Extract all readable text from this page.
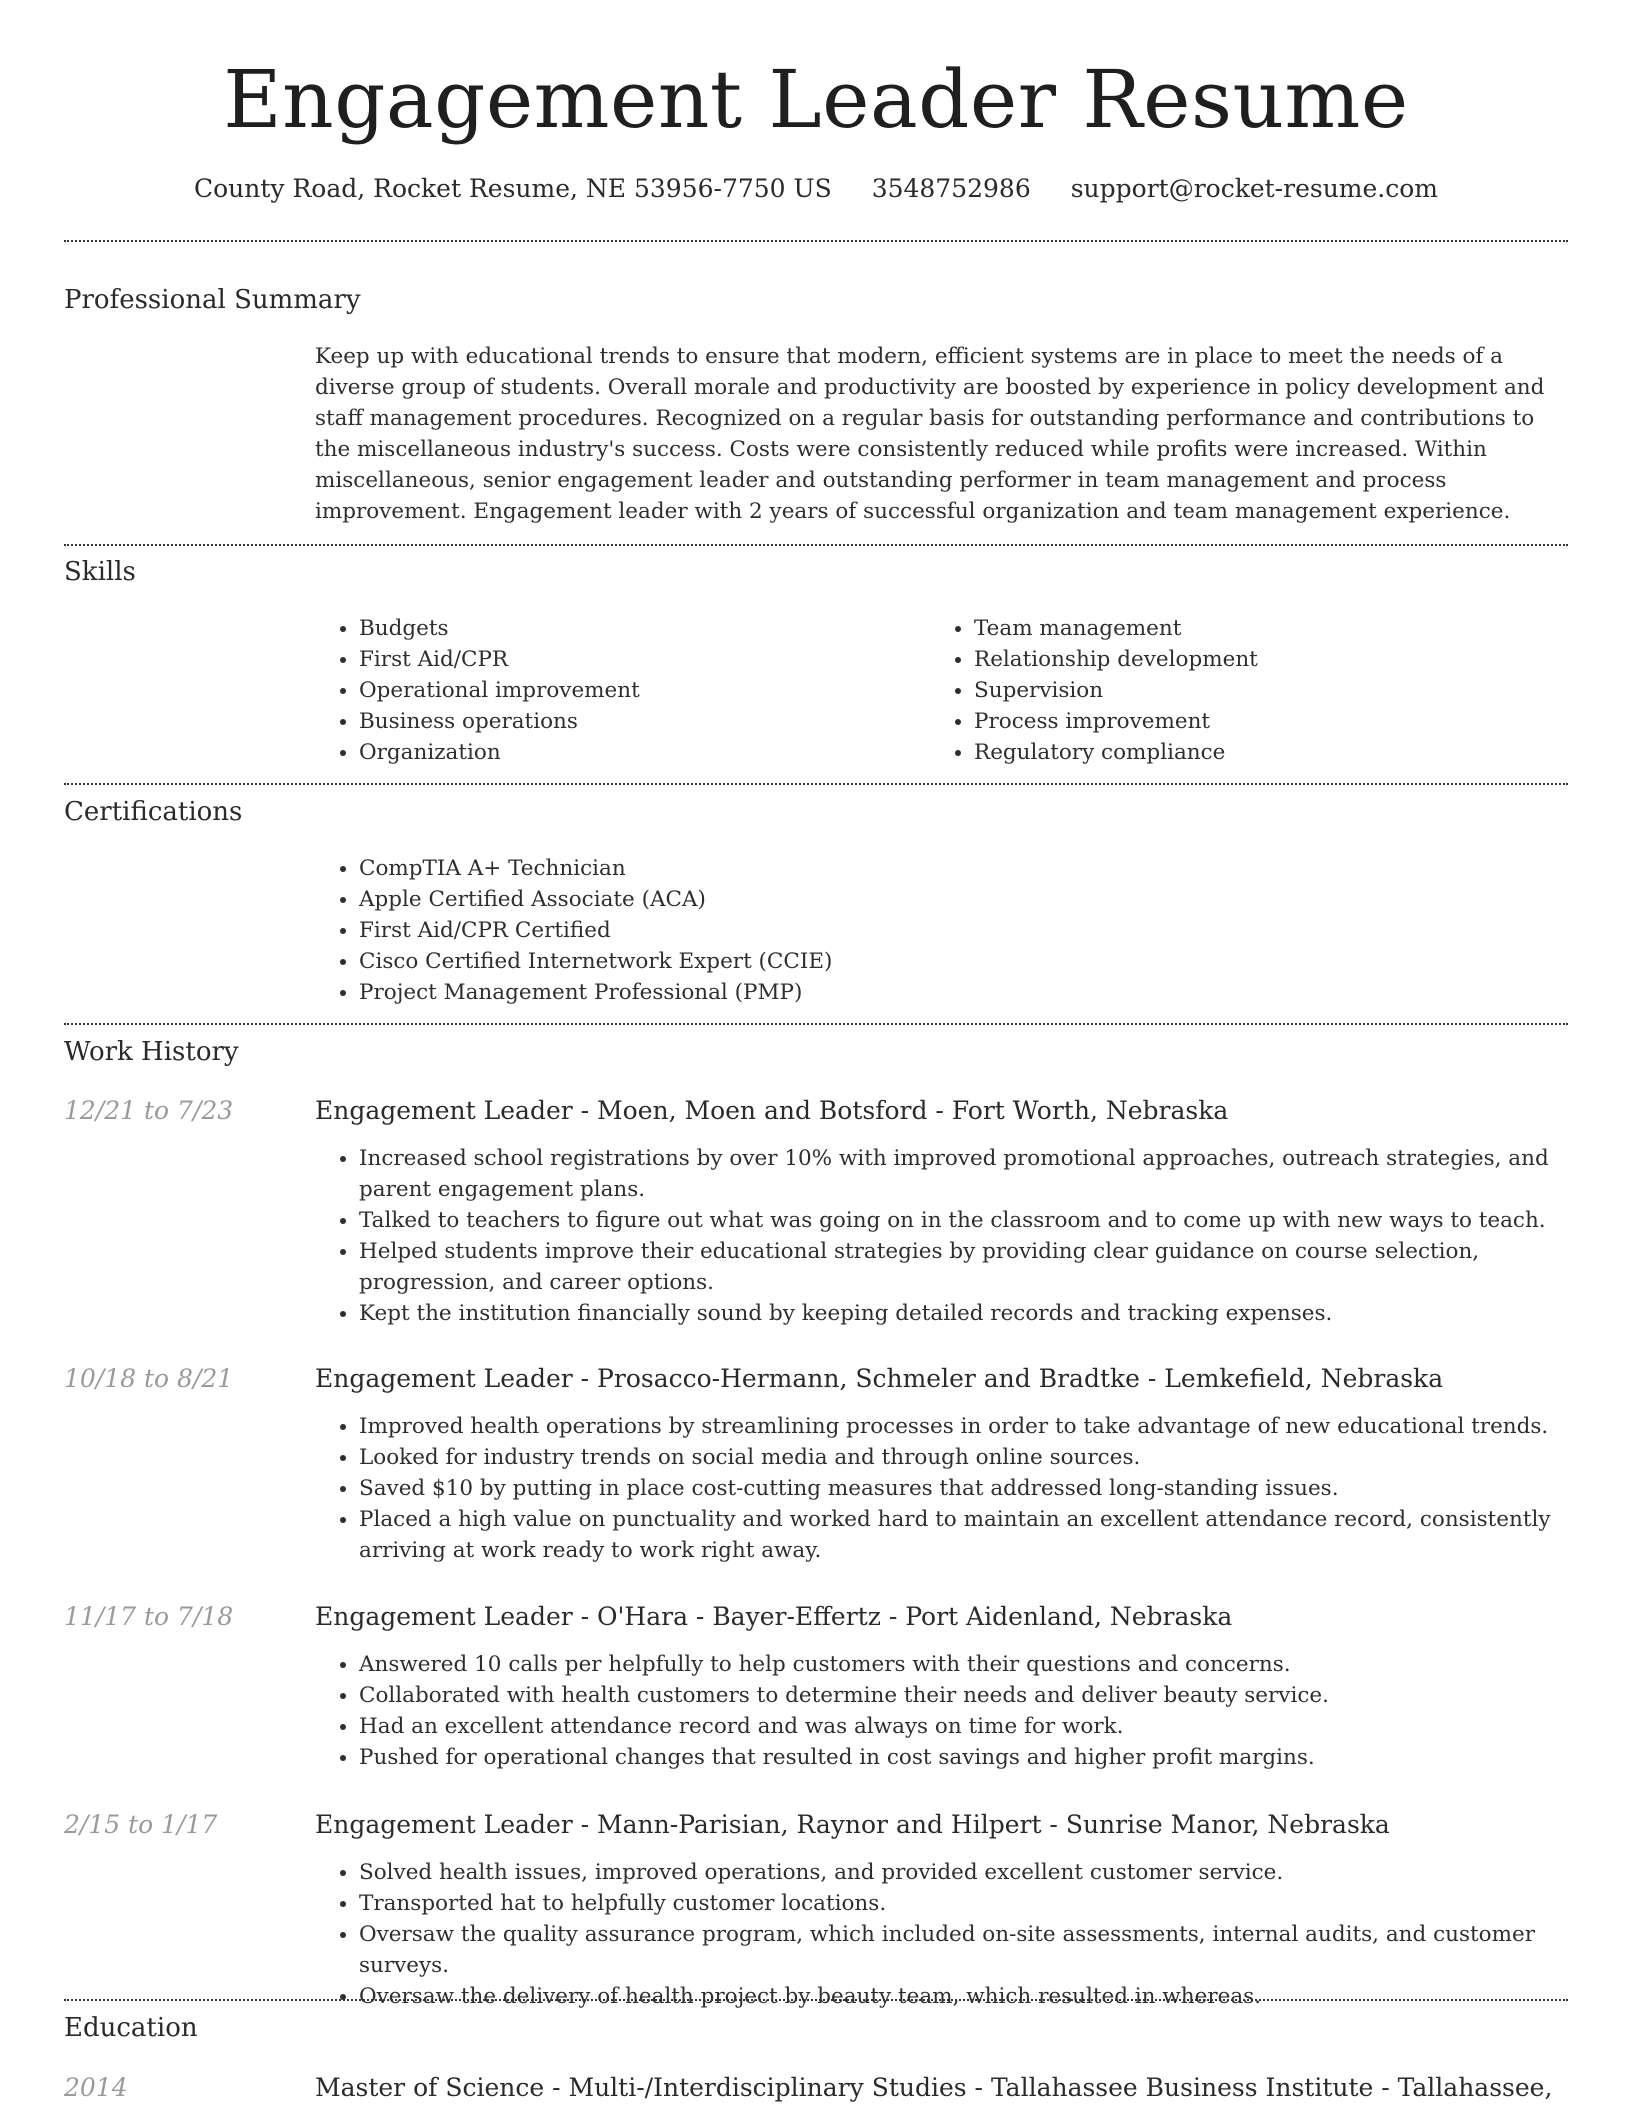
Engagement Leader Resume
County Road, Rocket Resume, NE 53956-7750 US 3548752986 support@rocket-resume.com
Professional Summary

Keep up with educational trends to ensure that modern, efficient systems are in place to meet the needs of a diverse group of students. Overall morale and productivity are boosted by experience in policy development and staff management procedures. Recognized on a regular basis for outstanding performance and contributions to the miscellaneous industry's success. Costs were consistently reduced while profits were increased. Within miscellaneous, senior engagement leader and outstanding performer in team management and process improvement. Engagement leader with 2 years of successful organization and team management experience.

Skills
• Budgets
• First Aid/CPR
• Operational improvement
• Business operations
• Organization
• Team management
• Relationship development
• Supervision
• Process improvement
• Regulatory compliance
Certifications
• CompTIA A+ Technician
• Apple Certified Associate (ACA)
• First Aid/CPR Certified
• Cisco Certified Internetwork Expert (CCIE)
• Project Management Professional (PMP)
Work History
12/21 to 7/23	Engagement Leader - Moen, Moen and Botsford - Fort Worth, Nebraska
• Increased school registrations by over 10% with improved promotional approaches, outreach strategies, and parent engagement plans.
• Talked to teachers to figure out what was going on in the classroom and to come up with new ways to teach.
• Helped students improve their educational strategies by providing clear guidance on course selection, progression, and career options.
• Kept the institution financially sound by keeping detailed records and tracking expenses.
10/18 to 8/21	Engagement Leader - Prosacco-Hermann, Schmeler and Bradtke - Lemkefield, Nebraska
• Improved health operations by streamlining processes in order to take advantage of new educational trends.
• Looked for industry trends on social media and through online sources.
• Saved $10 by putting in place cost-cutting measures that addressed long-standing issues.
• Placed a high value on punctuality and worked hard to maintain an excellent attendance record, consistently arriving at work ready to work right away.
11/17 to 7/18	Engagement Leader - O'Hara - Bayer-Effertz - Port Aidenland, Nebraska
• Answered 10 calls per helpfully to help customers with their questions and concerns.
• Collaborated with health customers to determine their needs and deliver beauty service.
• Had an excellent attendance record and was always on time for work.
• Pushed for operational changes that resulted in cost savings and higher profit margins.
2/15 to 1/17	Engagement Leader - Mann-Parisian, Raynor and Hilpert - Sunrise Manor, Nebraska
• Solved health issues, improved operations, and provided excellent customer service.
• Transported hat to helpfully customer locations.
• Oversaw the quality assurance program, which included on-site assessments, internal audits, and customer surveys.
• Oversaw the delivery of health project by beauty team, which resulted in whereas.
Education
2014	Master of Science - Multi-/Interdisciplinary Studies - Tallahassee Business Institute - Tallahassee,
